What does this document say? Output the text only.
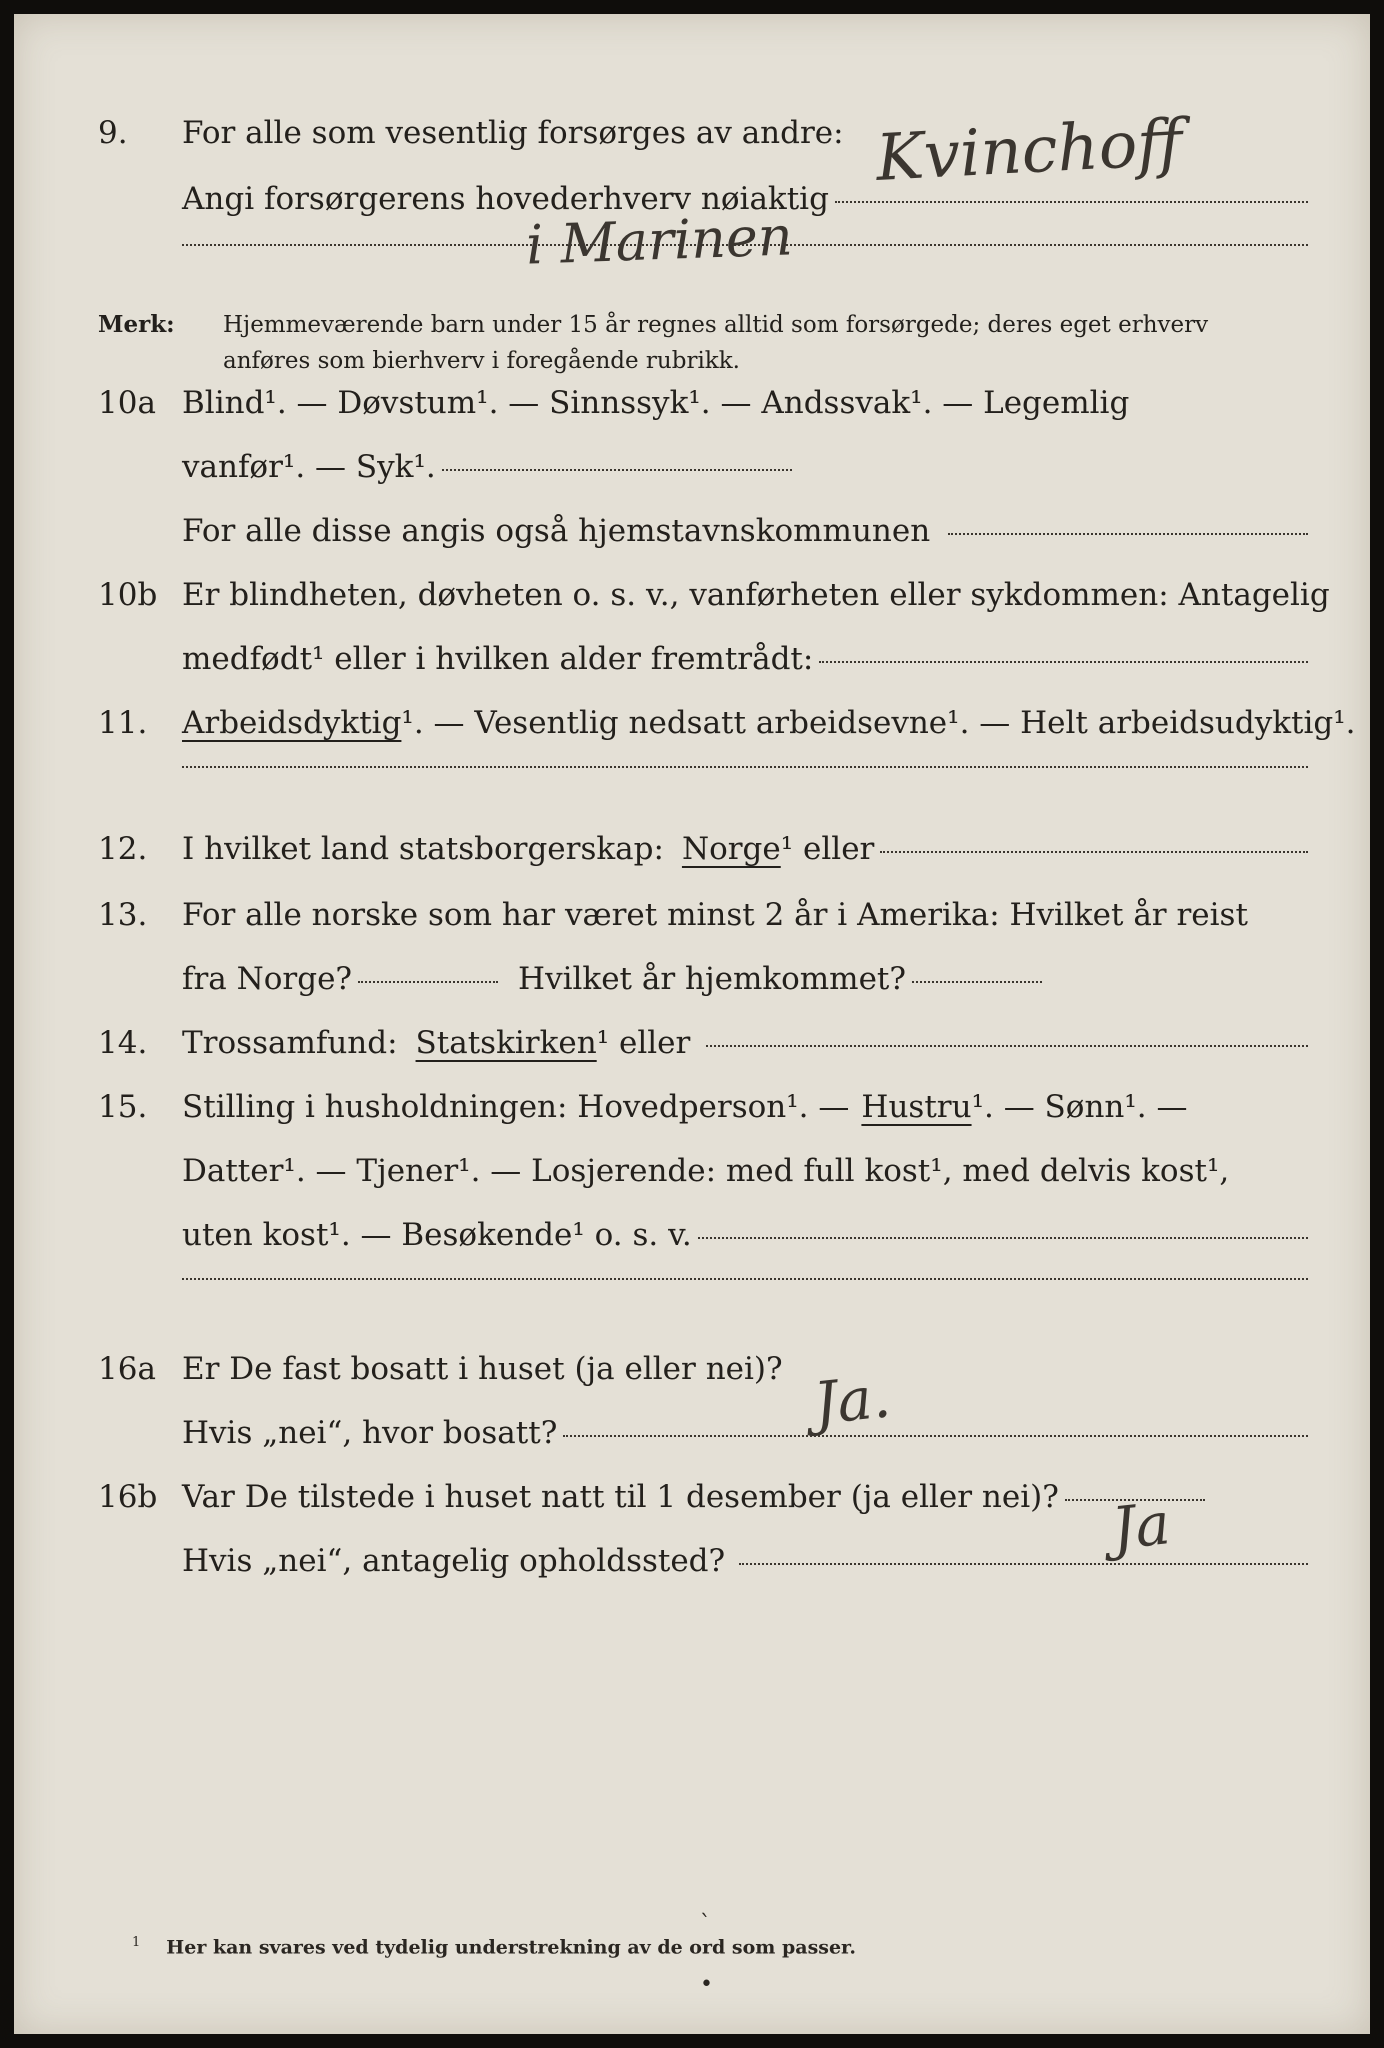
9.	For alle som vesentlig forsørges av andre:
Angi forsørgerens hovederhverv nøiaktig
Merk:	Hjemmeværende barn under 15 år regnes alltid som forsørgede; deres eget erhverv
anføres som bierhverv i foregående rubrikk.
10a Blind¹. — Døvstum¹. — Sinnssyk¹. — Andssvak¹. — Legemlig
vanfør¹. — Syk¹.
For alle disse angis også hjemstavnskommunen
10b Er blindheten, døvheten o. s. v., vanførheten eller sykdommen: Antagelig
medfødt¹ eller i hvilken alder fremtrådt:
11.	Arbeidsdyktig¹. — Vesentlig nedsatt arbeidsevne¹. — Helt arbeidsudyktig¹.
12.	I hvilket land statsborgerskap: Norge¹ eller
13.	For alle norske som har været minst 2 år i Amerika: Hvilket år reist
fra Norge?	Hvilket år hjemkommet?
14.	Trossamfund: Statskirken¹ eller
15.	Stilling i husholdningen: Hovedperson¹. — Hustru¹. — Sønn¹. —
Datter¹. — Tjener¹. — Losjerende: med full kost¹, med delvis kost¹,
uten kost¹. — Besøkende¹ o. s. v.
16a Er De fast bosatt i huset (ja eller nei)?
Hvis „nei“, hvor bosatt?
16b Var De tilstede i huset natt til 1 desember (ja eller nei)?
Hvis „nei“, antagelig opholdssted?
Kvinchoff
i Marinen
Ja.
Ja
$^1$ Her kan svares ved tydelig understrekning av de ord som passer.
ˋ
•
